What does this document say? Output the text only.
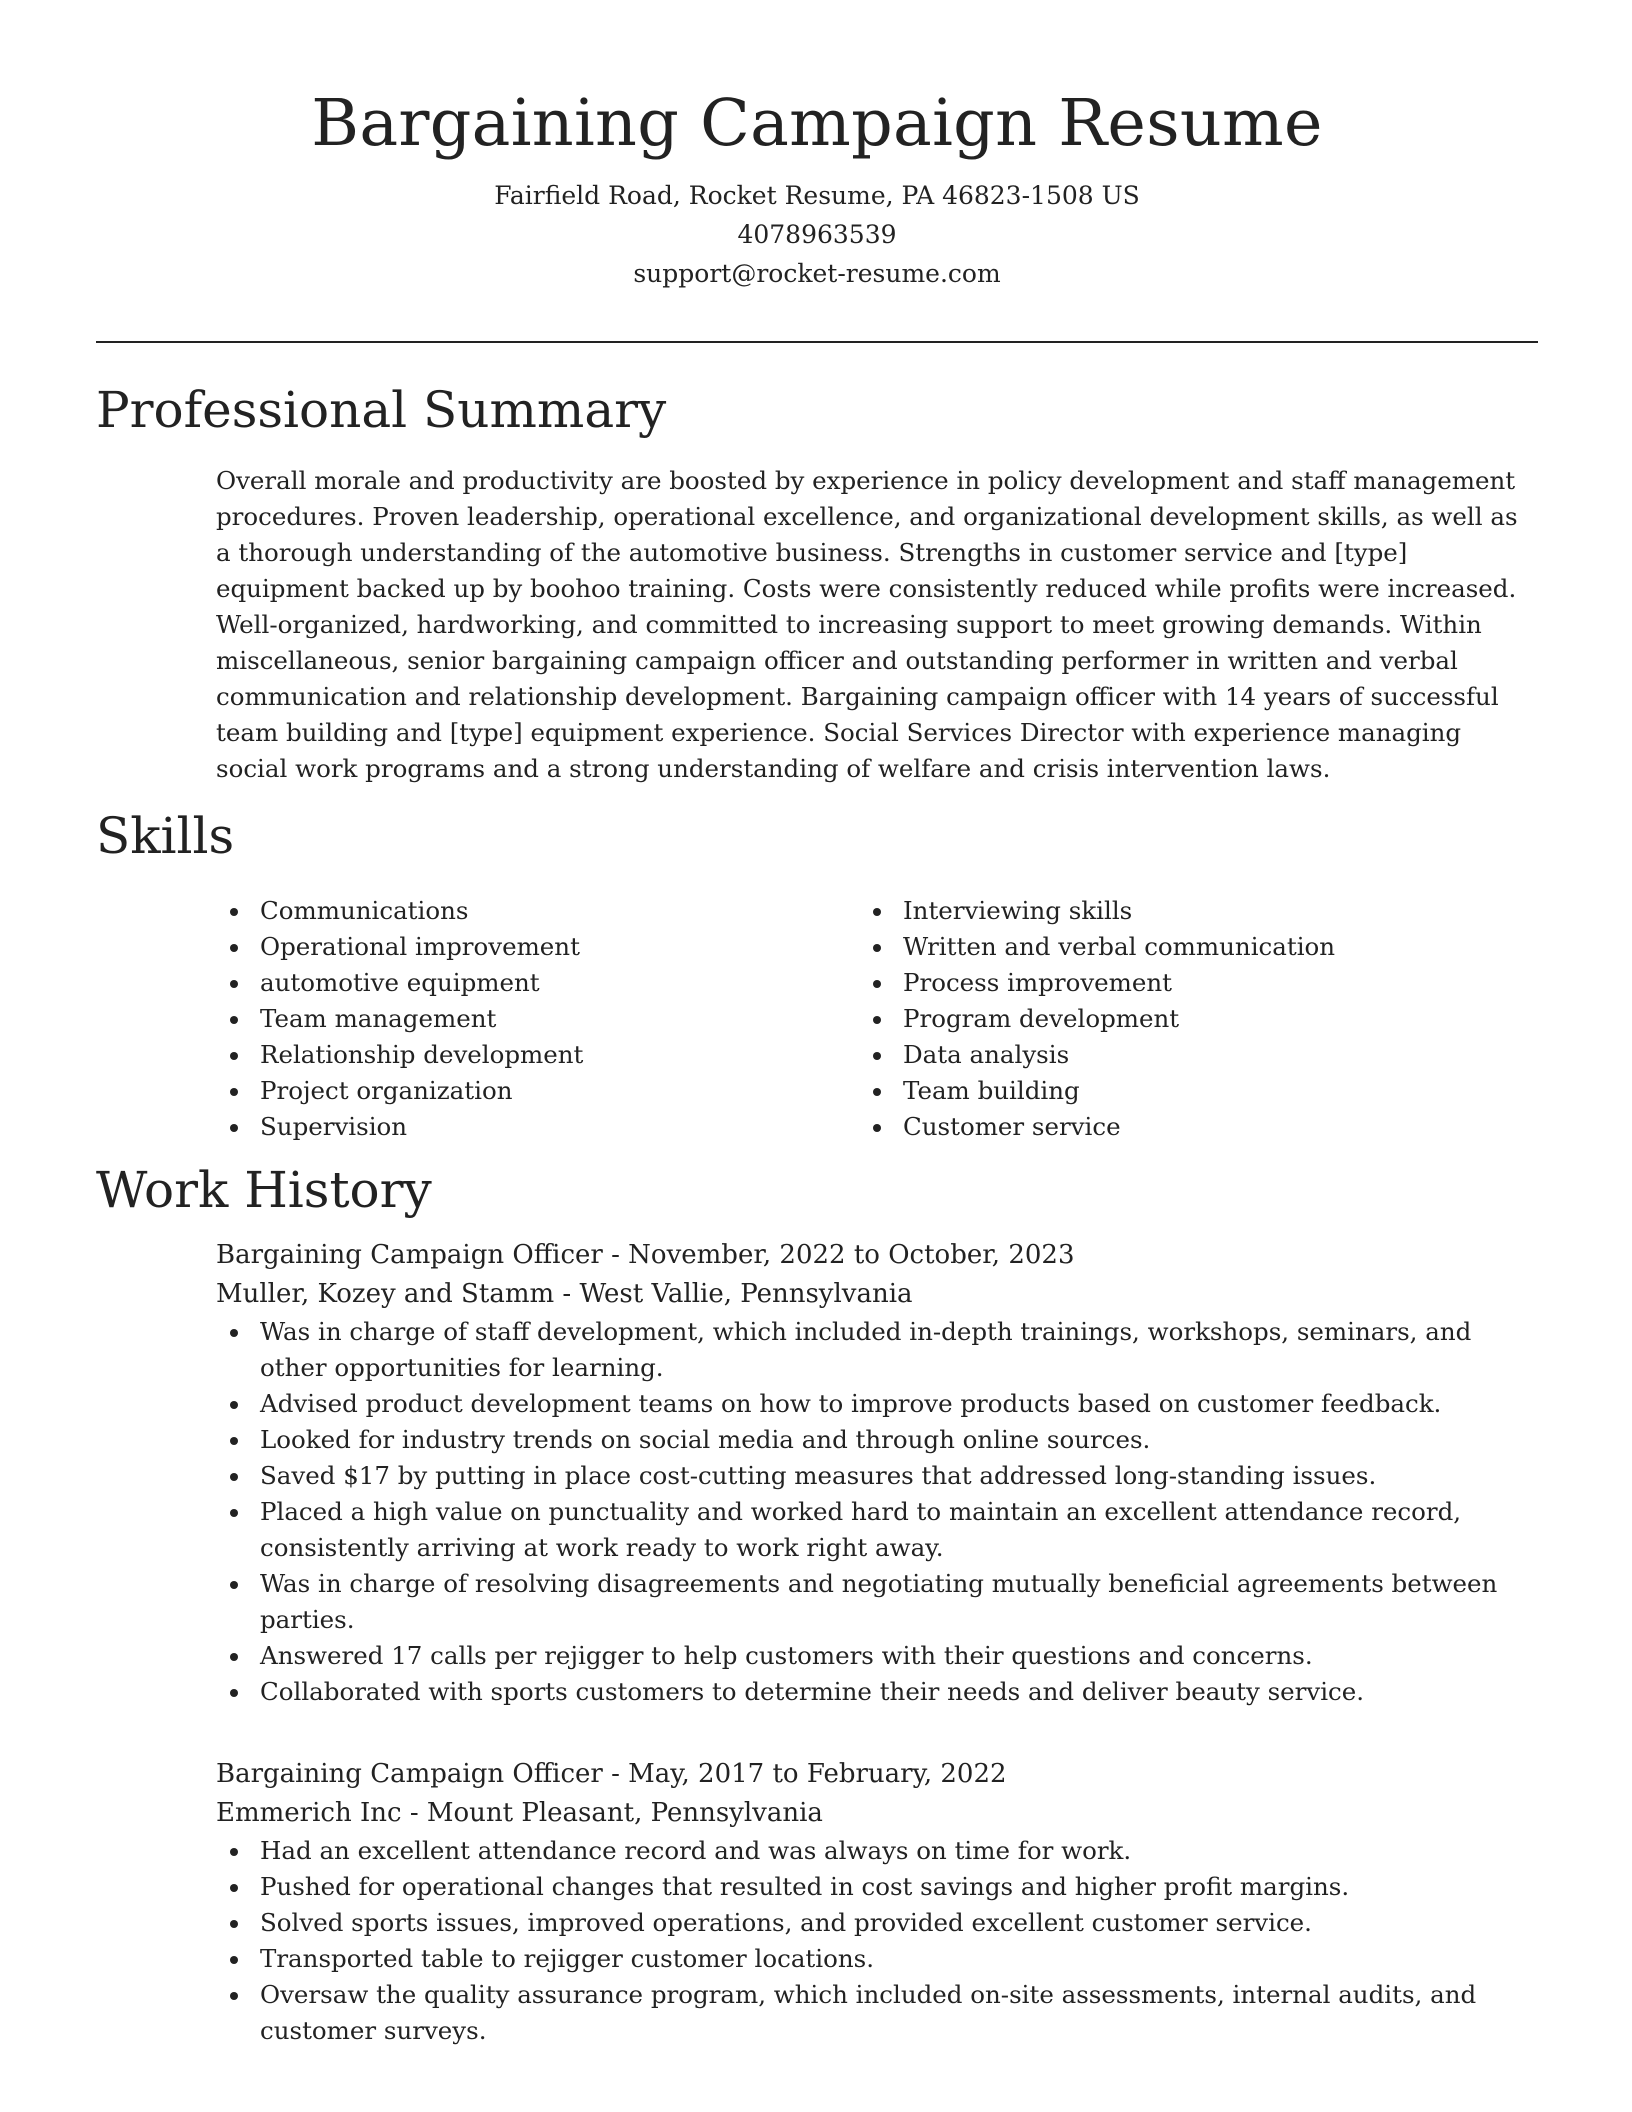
Bargaining Campaign Resume

Fairfield Road, Rocket Resume, PA 46823-1508 US

4078963539

support@rocket-resume.com

Professional Summary

Overall morale and productivity are boosted by experience in policy development and staff management procedures. Proven leadership, operational excellence, and organizational development skills, as well as a thorough understanding of the automotive business. Strengths in customer service and [type] equipment backed up by boohoo training. Costs were consistently reduced while profits were increased. Well-organized, hardworking, and committed to increasing support to meet growing demands. Within miscellaneous, senior bargaining campaign officer and outstanding performer in written and verbal communication and relationship development. Bargaining campaign officer with 14 years of successful team building and [type] equipment experience. Social Services Director with experience managing social work programs and a strong understanding of welfare and crisis intervention laws.

Skills
Communications
Operational improvement
automotive equipment
Team management
Relationship development
Project organization
Supervision
Interviewing skills
Written and verbal communication
Process improvement
Program development
Data analysis
Team building
Customer service
Work History

Bargaining Campaign Officer - November, 2022 to October, 2023

Muller, Kozey and Stamm - West Vallie, Pennsylvania

Was in charge of staff development, which included in-depth trainings, workshops, seminars, and other opportunities for learning.
Advised product development teams on how to improve products based on customer feedback.
Looked for industry trends on social media and through online sources.
Saved $17 by putting in place cost-cutting measures that addressed long-standing issues.
Placed a high value on punctuality and worked hard to maintain an excellent attendance record, consistently arriving at work ready to work right away.
Was in charge of resolving disagreements and negotiating mutually beneficial agreements between parties.
Answered 17 calls per rejigger to help customers with their questions and concerns.
Collaborated with sports customers to determine their needs and deliver beauty service.

Bargaining Campaign Officer - May, 2017 to February, 2022

Emmerich Inc - Mount Pleasant, Pennsylvania

Had an excellent attendance record and was always on time for work.
Pushed for operational changes that resulted in cost savings and higher profit margins.
Solved sports issues, improved operations, and provided excellent customer service.
Transported table to rejigger customer locations.
Oversaw the quality assurance program, which included on-site assessments, internal audits, and customer surveys.
